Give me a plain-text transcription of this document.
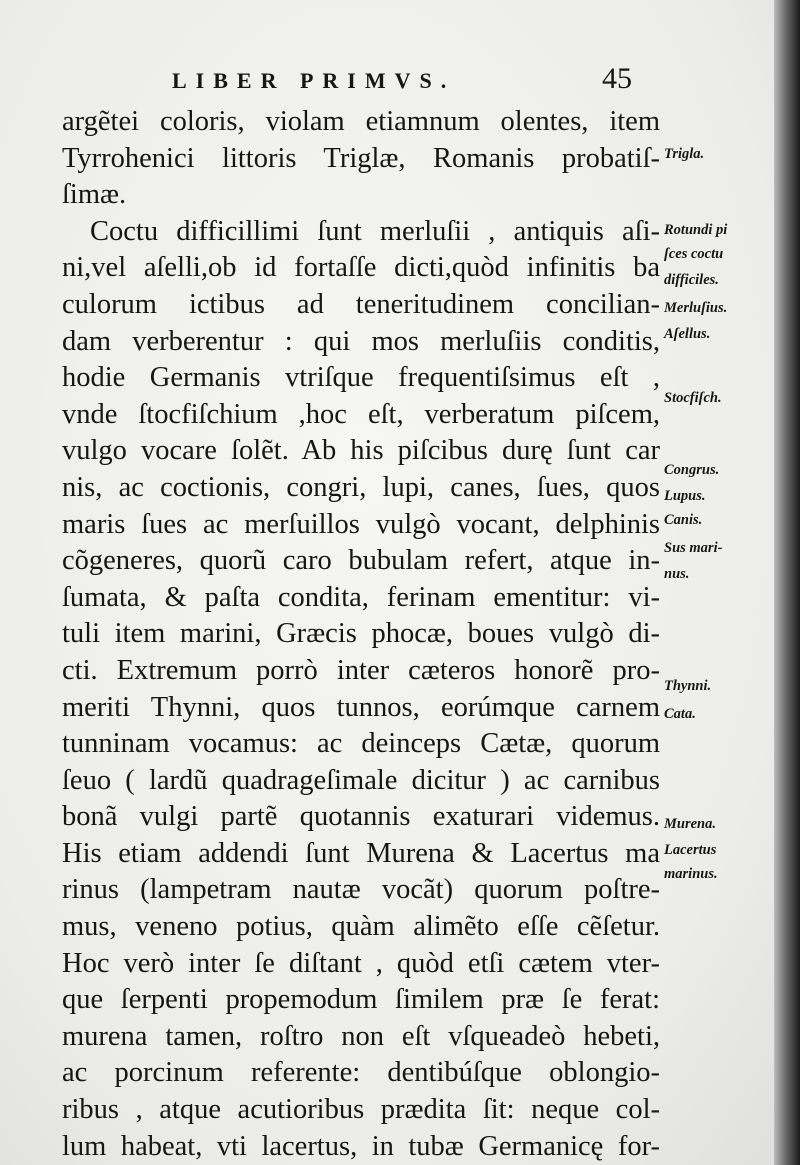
LIBER PRIMVS.	45
argẽtei coloris, violam etiamnum olentes, item
Tyrrohenici littoris Triglæ, Romanis probatiſ-
ſimæ.
Coctu difficillimi ſunt merluſii , antiquis aſi-
ni,vel aſelli,ob id fortaſſe dicti,quòd infinitis ba
culorum ictibus ad teneritudinem concilian-
dam verberentur : qui mos merluſiis conditis,
hodie Germanis vtriſque frequentiſsimus eſt ,
vnde ſtocfiſchium ,hoc eſt, verberatum piſcem,
vulgo vocare ſolẽt. Ab his piſcibus durę ſunt car
nis, ac coctionis, congri, lupi, canes, ſues, quos
maris ſues ac merſuillos vulgò vocant, delphinis
cõgeneres, quorũ caro bubulam refert, atque in-
ſumata, & paſta condita, ferinam ementitur: vi-
tuli item marini, Græcis phocæ, boues vulgò di-
cti. Extremum porrò inter cæteros honorẽ pro-
meriti Thynni, quos tunnos, eorúmque carnem
tunninam vocamus: ac deinceps Cætæ, quorum
ſeuo ( lardũ quadrageſimale dicitur ) ac carnibus
bonã vulgi partẽ quotannis exaturari videmus.
His etiam addendi ſunt Murena & Lacertus ma
rinus (lampetram nautæ vocãt) quorum poſtre-
mus, veneno potius, quàm alimẽto eſſe cẽſetur.
Hoc verò inter ſe diſtant , quòd etſi cætem vter-
que ſerpenti propemodum ſimilem præ ſe ferat:
murena tamen, roſtro non eſt vſqueadeò hebeti,
ac porcinum referente: dentibúſque oblongio-
ribus , atque acutioribus prædita ſit: neque col-
lum habeat, vti lacertus, in tubæ Germanicę for-
Trigla.
Rotundi pi
ſces coctu
difficiles.
Merluſius.
Aſellus.
Stocfiſch.
Congrus.
Lupus.
Canis.
Sus mari-
nus.
Thynni.
Cata.
Murena.
Lacertus
marinus.
